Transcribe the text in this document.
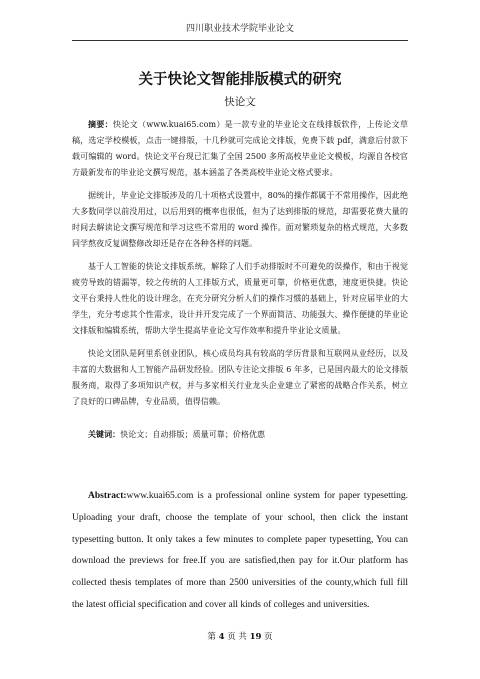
四川职业技术学院毕业论文
关于快论文智能排版模式的研究
快论文

摘要：快论文（www.kuai65.com）是一款专业的毕业论文在线排版软件，上传论文草稿，选定学校模板，点击一键排版，十几秒就可完成论文排版，免费下载 pdf，满意后付款下载可编辑的 word。快论文平台现已汇集了全国 2500 多所高校毕业论文模板，均源自各校官方最新发布的毕业论文撰写规范，基本涵盖了各类高校毕业论文格式要求。

据统计，毕业论文排版涉及的几十项格式设置中，80%的操作都属于不常用操作，因此绝大多数同学以前没用过，以后用到的概率也很低，但为了达到排版的规范，却需要花费大量的时间去解读论文撰写规范和学习这些不常用的 word 操作。面对繁琐复杂的格式规范，大多数同学熬夜反复调整修改却还是存在各种各样的问题。

基于人工智能的快论文排版系统，解除了人们手动排版时不可避免的误操作，和由于视觉疲劳导致的错漏等，较之传统的人工排版方式，质量更可靠，价格更优惠，速度更快捷。快论文平台秉持人性化的设计理念，在充分研究分析人们的操作习惯的基础上，针对应届毕业的大学生，充分考虑其个性需求，设计并开发完成了一个界面简洁、功能强大、操作便捷的毕业论文排版和编辑系统，帮助大学生提高毕业论文写作效率和提升毕业论文质量。

快论文团队是阿里系创业团队，核心成员均具有较高的学历背景和互联网从业经历，以及丰富的大数据和人工智能产品研发经验。团队专注论文排版 6 年多，已是国内最大的论文排版服务商，取得了多项知识产权，并与多家相关行业龙头企业建立了紧密的战略合作关系，树立了良好的口碑品牌，专业品质，值得信赖。

关键词：快论文；自动排版；质量可靠；价格优惠

Abstract:www.kuai65.com is a professional online system for paper typesetting. Uploading your draft, choose the template of your school, then click the instant typesetting button. It only takes a few minutes to complete paper typesetting, You can download the previews for free.If you are satisfied,then pay for it.Our platform has collected thesis templates of more than 2500 universities of the county,which full fill the latest official specification and cover all kinds of colleges and universities.
第 4 页 共 19 页
